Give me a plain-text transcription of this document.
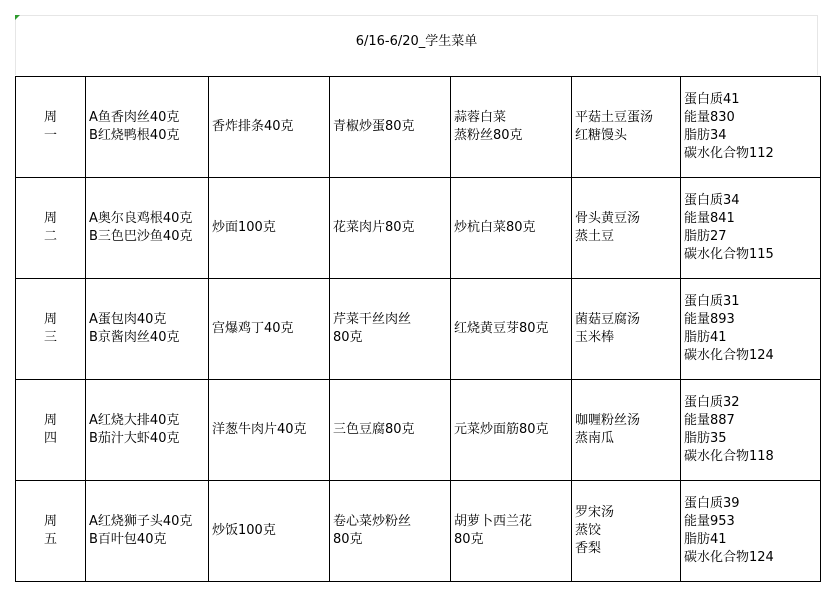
6/16-6/20_学生菜单
周
一	A鱼香肉丝40克
B红烧鸭根40克	香炸排条40克	青椒炒蛋80克	蒜蓉白菜
蒸粉丝80克	平菇土豆蛋汤
红糖馒头	蛋白质41
能量830
脂肪34
碳水化合物112

周
二	A奥尔良鸡根40克
B三色巴沙鱼40克	炒面100克	花菜肉片80克	炒杭白菜80克	骨头黄豆汤
蒸土豆	蛋白质34
能量841
脂肪27
碳水化合物115

周
三	A蛋包肉40克
B京酱肉丝40克	宫爆鸡丁40克	芹菜干丝肉丝
80克	红烧黄豆芽80克	菌菇豆腐汤
玉米棒	蛋白质31
能量893
脂肪41
碳水化合物124

周
四	A红烧大排40克
B茄汁大虾40克	洋葱牛肉片40克	三色豆腐80克	元菜炒面筋80克	咖喱粉丝汤
蒸南瓜	蛋白质32
能量887
脂肪35
碳水化合物118

周
五	A红烧狮子头40克
B百叶包40克	炒饭100克	卷心菜炒粉丝
80克	胡萝卜西兰花
80克	罗宋汤
蒸饺
香梨	蛋白质39
能量953
脂肪41
碳水化合物124
